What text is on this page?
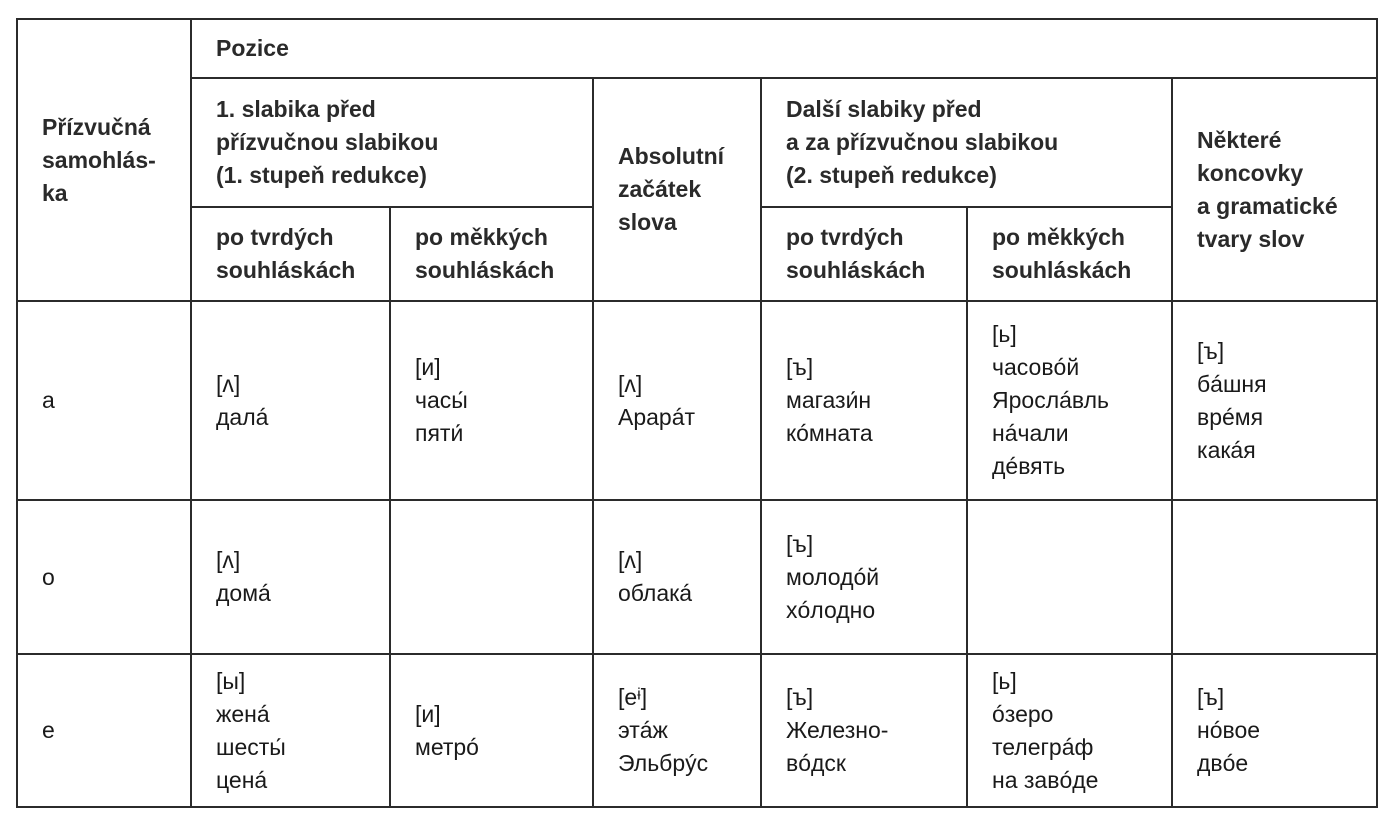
Přízvučná
samohlás-
ka	Pozice					

	1. slabika před
přízvučnou slabikou
(1. stupeň redukce)		Absolutní
začátek
slova	Další slabiky před
a za přízvučnou slabikou
(2. stupeň redukce)		Některé
koncovky
a gramatické
tvary slov

	po tvrdých
souhláskách	po měkkých
souhláskách		po tvrdých
souhláskách	po měkkých
souhláskách	

a	[ʌ]
далá	[и]
часы́
пяти́	[ʌ]
Арарáт	[ъ]
магази́н
кóмната	[ь]
часовóй
Ярослáвль
нáчали
дéвять	[ъ]
бáшня
врéмя
какáя

o	[ʌ]
домá		[ʌ]
облакá	[ъ]
молодóй
хóлодно		

e	[ы]
женá
шесты́
ценá	[и]
метрó	[eᶤ]
этáж
Эльбрýс	[ъ]
Железно-
вóдск	[ь]
óзеро
телегрáф
на завóде	[ъ]
нóвое
двóе
